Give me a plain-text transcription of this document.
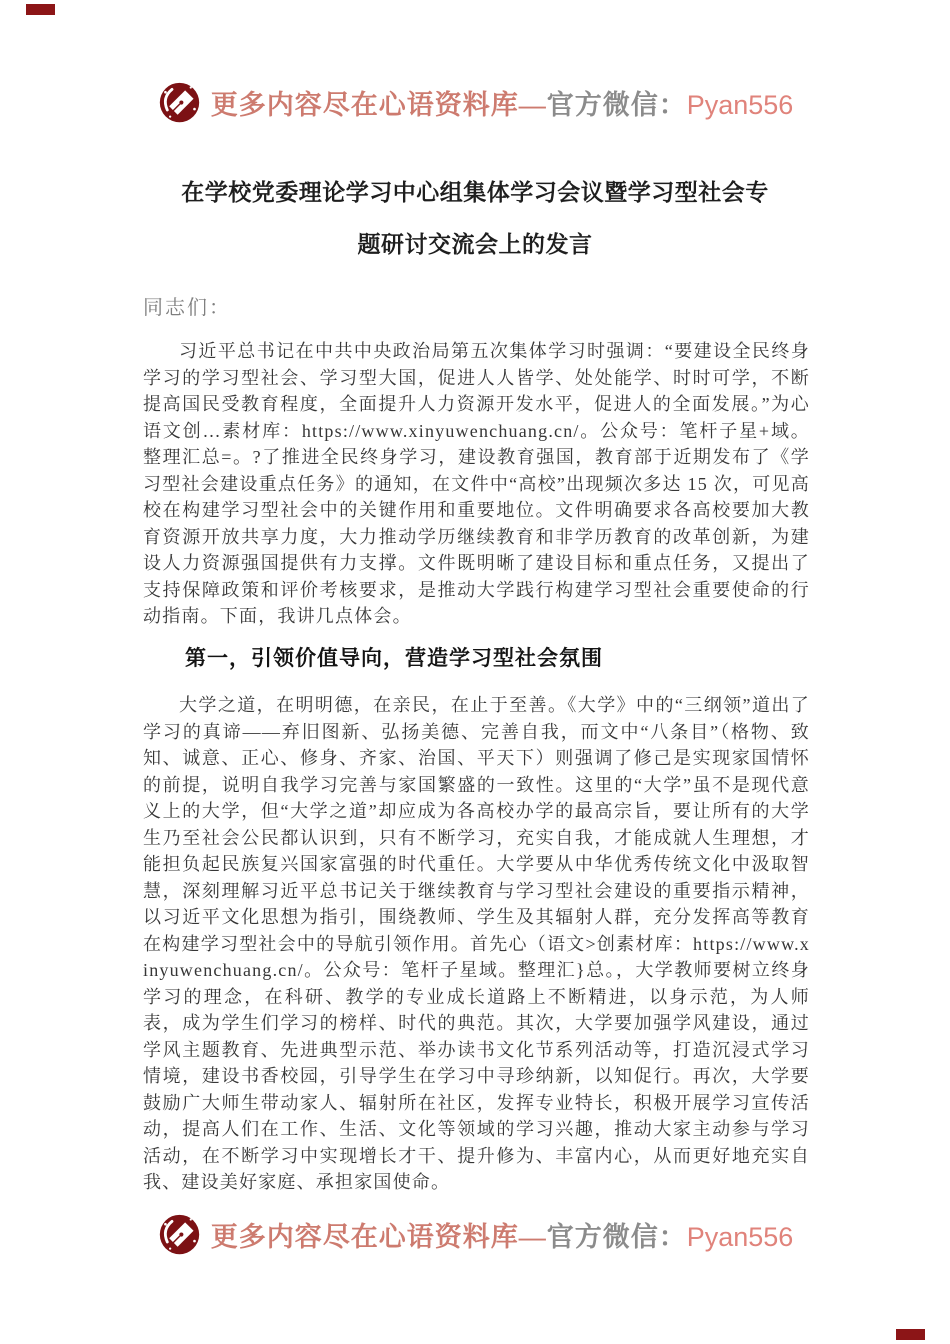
更多内容尽在心语资料库—官方微信：Pyan556
在学校党委理论学习中心组集体学习会议暨学习型社会专
题研讨交流会上的发言
同志们：
习近平总书记在中共中央政治局第五次集体学习时强调：“要建设全民终身学习的学习型社会、学习型大国，促进人人皆学、处处能学、时时可学，不断提高国民受教育程度，全面提升人力资源开发水平，促进人的全面发展。”为心语文创…素材库：https://www.xinyuwenchuang.cn/。公众号：笔杆子星+域。整理汇总=。?了推进全民终身学习，建设教育强国，教育部于近期发布了《学习型社会建设重点任务》的通知，在文件中“高校”出现频次多达 15 次，可见高校在构建学习型社会中的关键作用和重要地位。文件明确要求各高校要加大教育资源开放共享力度，大力推动学历继续教育和非学历教育的改革创新，为建设人力资源强国提供有力支撑。文件既明晰了建设目标和重点任务，又提出了支持保障政策和评价考核要求，是推动大学践行构建学习型社会重要使命的行动指南。下面，我讲几点体会。
第一，引领价值导向，营造学习型社会氛围
大学之道，在明明德，在亲民，在止于至善。《大学》中的“三纲领”道出了学习的真谛——弃旧图新、弘扬美德、完善自我，而文中“八条目”（格物、致知、诚意、正心、修身、齐家、治国、平天下）则强调了修己是实现家国情怀的前提，说明自我学习完善与家国繁盛的一致性。这里的“大学”虽不是现代意义上的大学，但“大学之道”却应成为各高校办学的最高宗旨，要让所有的大学生乃至社会公民都认识到，只有不断学习，充实自我，才能成就人生理想，才能担负起民族复兴国家富强的时代重任。大学要从中华优秀传统文化中汲取智慧，深刻理解习近平总书记关于继续教育与学习型社会建设的重要指示精神，以习近平文化思想为指引，围绕教师、学生及其辐射人群，充分发挥高等教育在构建学习型社会中的导航引领作用。首先心（语文>创素材库：https://www.xinyuwenchuang.cn/。公众号：笔杆子星域。整理汇}总。，大学教师要树立终身学习的理念，在科研、教学的专业成长道路上不断精进，以身示范，为人师表，成为学生们学习的榜样、时代的典范。其次，大学要加强学风建设，通过学风主题教育、先进典型示范、举办读书文化节系列活动等，打造沉浸式学习情境，建设书香校园，引导学生在学习中寻珍纳新，以知促行。再次，大学要鼓励广大师生带动家人、辐射所在社区，发挥专业特长，积极开展学习宣传活动，提高人们在工作、生活、文化等领域的学习兴趣，推动大家主动参与学习活动，在不断学习中实现增长才干、提升修为、丰富内心，从而更好地充实自我、建设美好家庭、承担家国使命。
更多内容尽在心语资料库—官方微信：Pyan556
